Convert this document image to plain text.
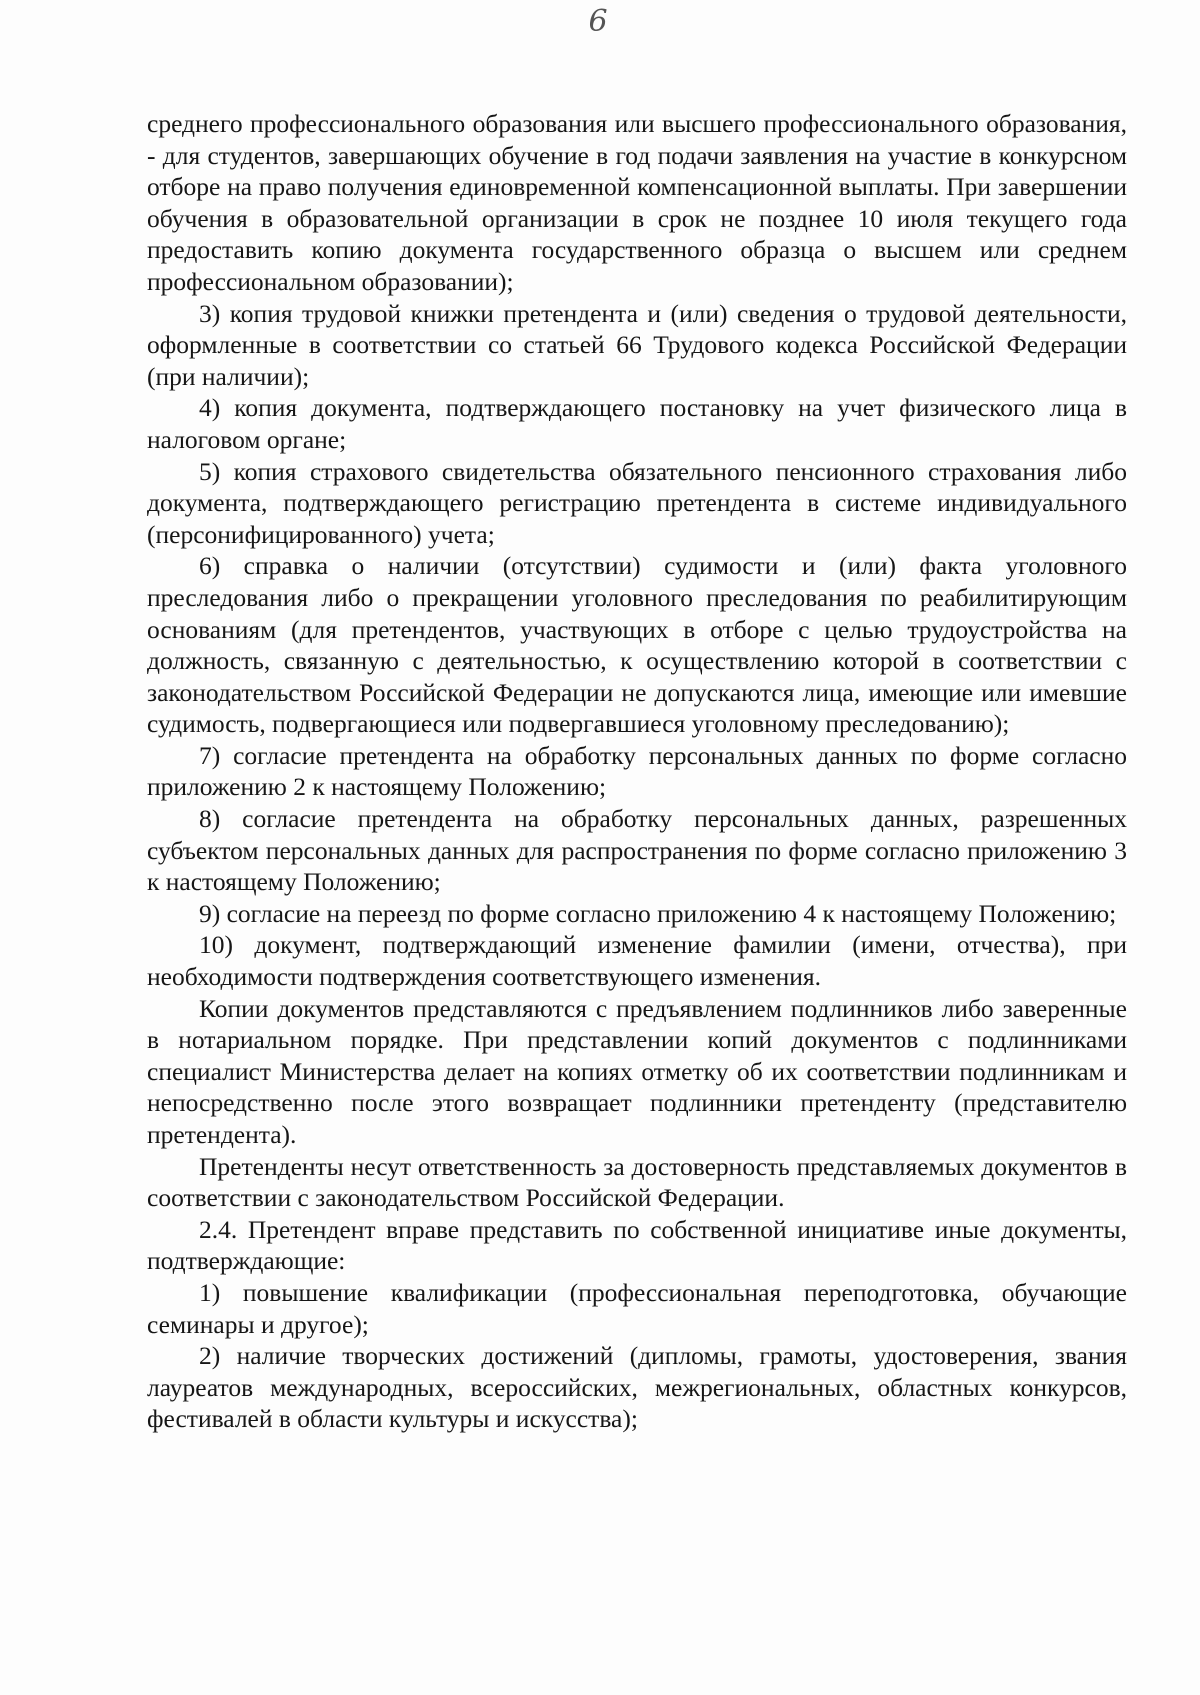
6

среднего профессионального образования или высшего профессионального образования, - для студентов, завершающих обучение в год подачи заявления на участие в конкурсном отборе на право получения единовременной компенсационной выплаты. При завершении обучения в образовательной организации в срок не позднее 10 июля текущего года предоставить копию документа государственного образца о высшем или среднем профессиональном образовании);

3) копия трудовой книжки претендента и (или) сведения о трудовой деятельности, оформленные в соответствии со статьей 66 Трудового кодекса Российской Федерации (при наличии);

4) копия документа, подтверждающего постановку на учет физического лица в налоговом органе;

5) копия страхового свидетельства обязательного пенсионного страхования либо документа, подтверждающего регистрацию претендента в системе индивидуального (персонифицированного) учета;

6) справка о наличии (отсутствии) судимости и (или) факта уголовного преследования либо о прекращении уголовного преследования по реабилитирующим основаниям (для претендентов, участвующих в отборе с целью трудоустройства на должность, связанную с деятельностью, к осуществлению которой в соответствии с законодательством Российской Федерации не допускаются лица, имеющие или имевшие судимость, подвергающиеся или подвергавшиеся уголовному преследованию);

7) согласие претендента на обработку персональных данных по форме согласно приложению 2 к настоящему Положению;

8) согласие претендента на обработку персональных данных, разрешенных субъектом персональных данных для распространения по форме согласно приложению 3 к настоящему Положению;

9) согласие на переезд по форме согласно приложению 4 к настоящему Положению;

10) документ, подтверждающий изменение фамилии (имени, отчества), при необходимости подтверждения соответствующего изменения.

Копии документов представляются с предъявлением подлинников либо заверенные в нотариальном порядке. При представлении копий документов с подлинниками специалист Министерства делает на копиях отметку об их соответствии подлинникам и непосредственно после этого возвращает подлинники претенденту (представителю претендента).

Претенденты несут ответственность за достоверность представляемых документов в соответствии с законодательством Российской Федерации.

2.4. Претендент вправе представить по собственной инициативе иные документы, подтверждающие:

1) повышение квалификации (профессиональная переподготовка, обучающие семинары и другое);

2) наличие творческих достижений (дипломы, грамоты, удостоверения, звания лауреатов международных, всероссийских, межрегиональных, областных конкурсов, фестивалей в области культуры и искусства);
